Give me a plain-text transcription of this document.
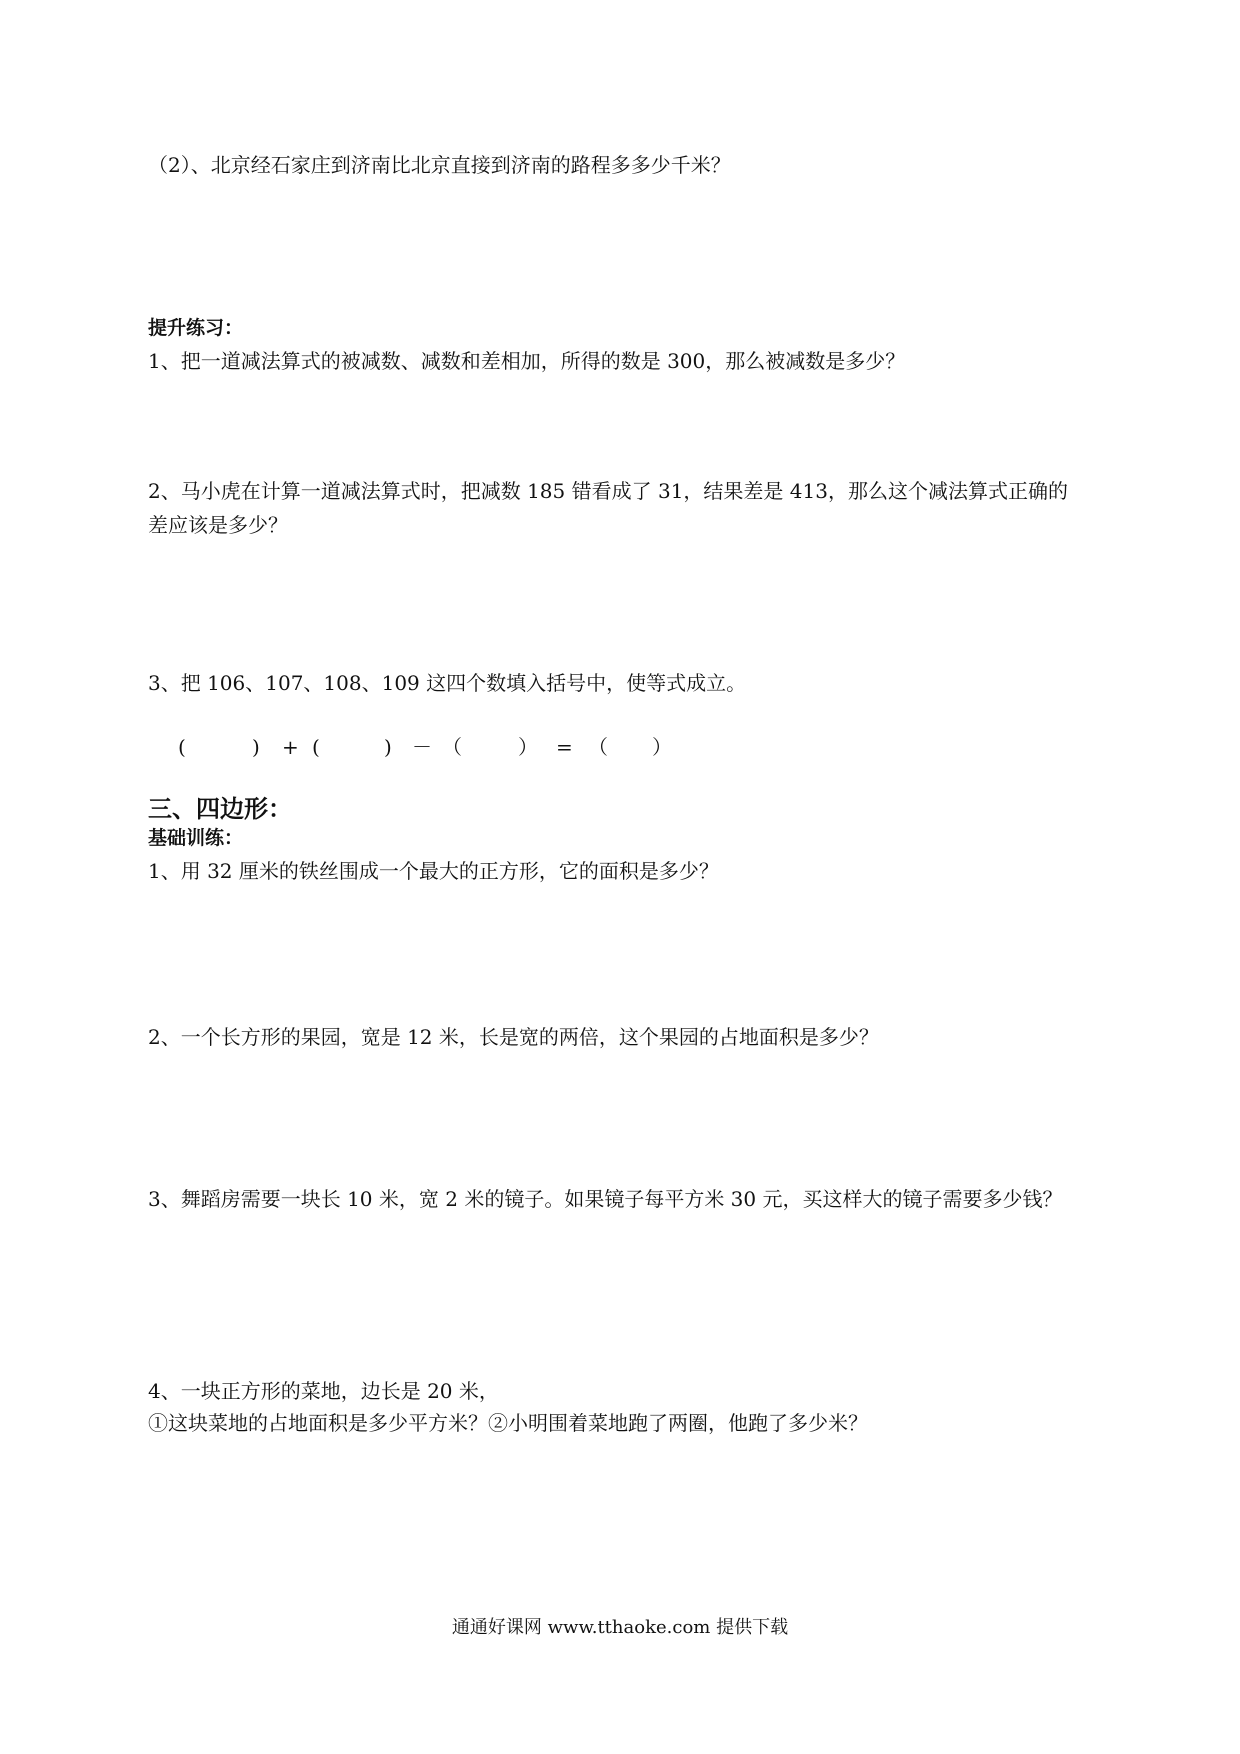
（2）、北京经石家庄到济南比北京直接到济南的路程多多少千米？
提升练习：
1、把一道减法算式的被减数、减数和差相加，所得的数是 300，那么被减数是多少？
2、马小虎在计算一道减法算式时，把减数 185 错看成了 31，结果差是 413，那么这个减法算式正确的
差应该是多少？
3、把 106、107、108、109 这四个数填入括号中，使等式成立。

(

	)

+

(

	)

－

（

	）

=

（

）

三、四边形：
基础训练：
1、用 32 厘米的铁丝围成一个最大的正方形，它的面积是多少？
2、一个长方形的果园，宽是 12 米，长是宽的两倍，这个果园的占地面积是多少？
3、舞蹈房需要一块长 10 米，宽 2 米的镜子。如果镜子每平方米 30 元，买这样大的镜子需要多少钱？
4、一块正方形的菜地，边长是 20 米，
①这块菜地的占地面积是多少平方米？②小明围着菜地跑了两圈，他跑了多少米？
通通好课网 www.tthaoke.com 提供下载
